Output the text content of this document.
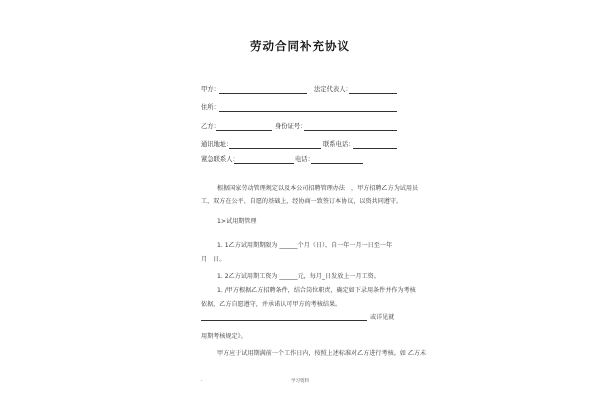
劳动合同补充协议
甲方：	法定代表人：
住所：
乙方：	身份证号：
通讯地址：	联系电话：
紧急联系人：	电话：
根据国家劳动管理规定以及本公司招聘管理办法　，甲方招聘乙方为试用员
工，双方在公平、自愿的基础上，经协商一致签订本协议，以资共同遵守。
1>试用期管理
1. 1乙方试用期期限为 ______个月（日），自一年一月一日至一年
月　日。
1. 2乙方试用期工资为 ______元，每月_日发放上一月工资。
1. /甲方根据乙方招聘条件，结合岗位职责，确定如下录用条件并作为考核
依据，乙方自愿遵守，并承诺认可甲方的考核结果。
或详见就
用期考核规定》。
甲方应于试用期满前一个工作日内，按照上述标准对乙方进行考核。如 乙方未
.	学习资料
